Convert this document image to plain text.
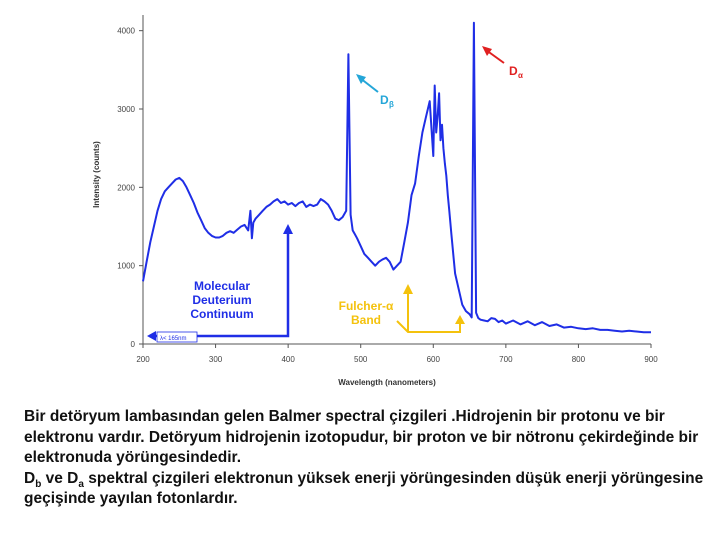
200	300	400	500	600	700	800	900
0
1000
2000
3000
4000
Wavelength (nanometers)
Intensity (counts)
Molecular
Deuterium
Continuum
λ< 165nm
Fulcher-α
Band
D β
D α

Bir detöryum lambasından gelen Balmer spectral çizgileri .Hidrojenin bir protonu ve bir elektronu vardır. Detöryum hidrojenin izotopudur, bir proton ve bir nötronu çekirdeğinde bir elektronuda yörüngesindedir.

$D_b$ ve $D_a$ spektral çizgileri elektronun yüksek enerji yörüngesinden düşük enerji yörüngesine geçişinde yayılan fotonlardır.
